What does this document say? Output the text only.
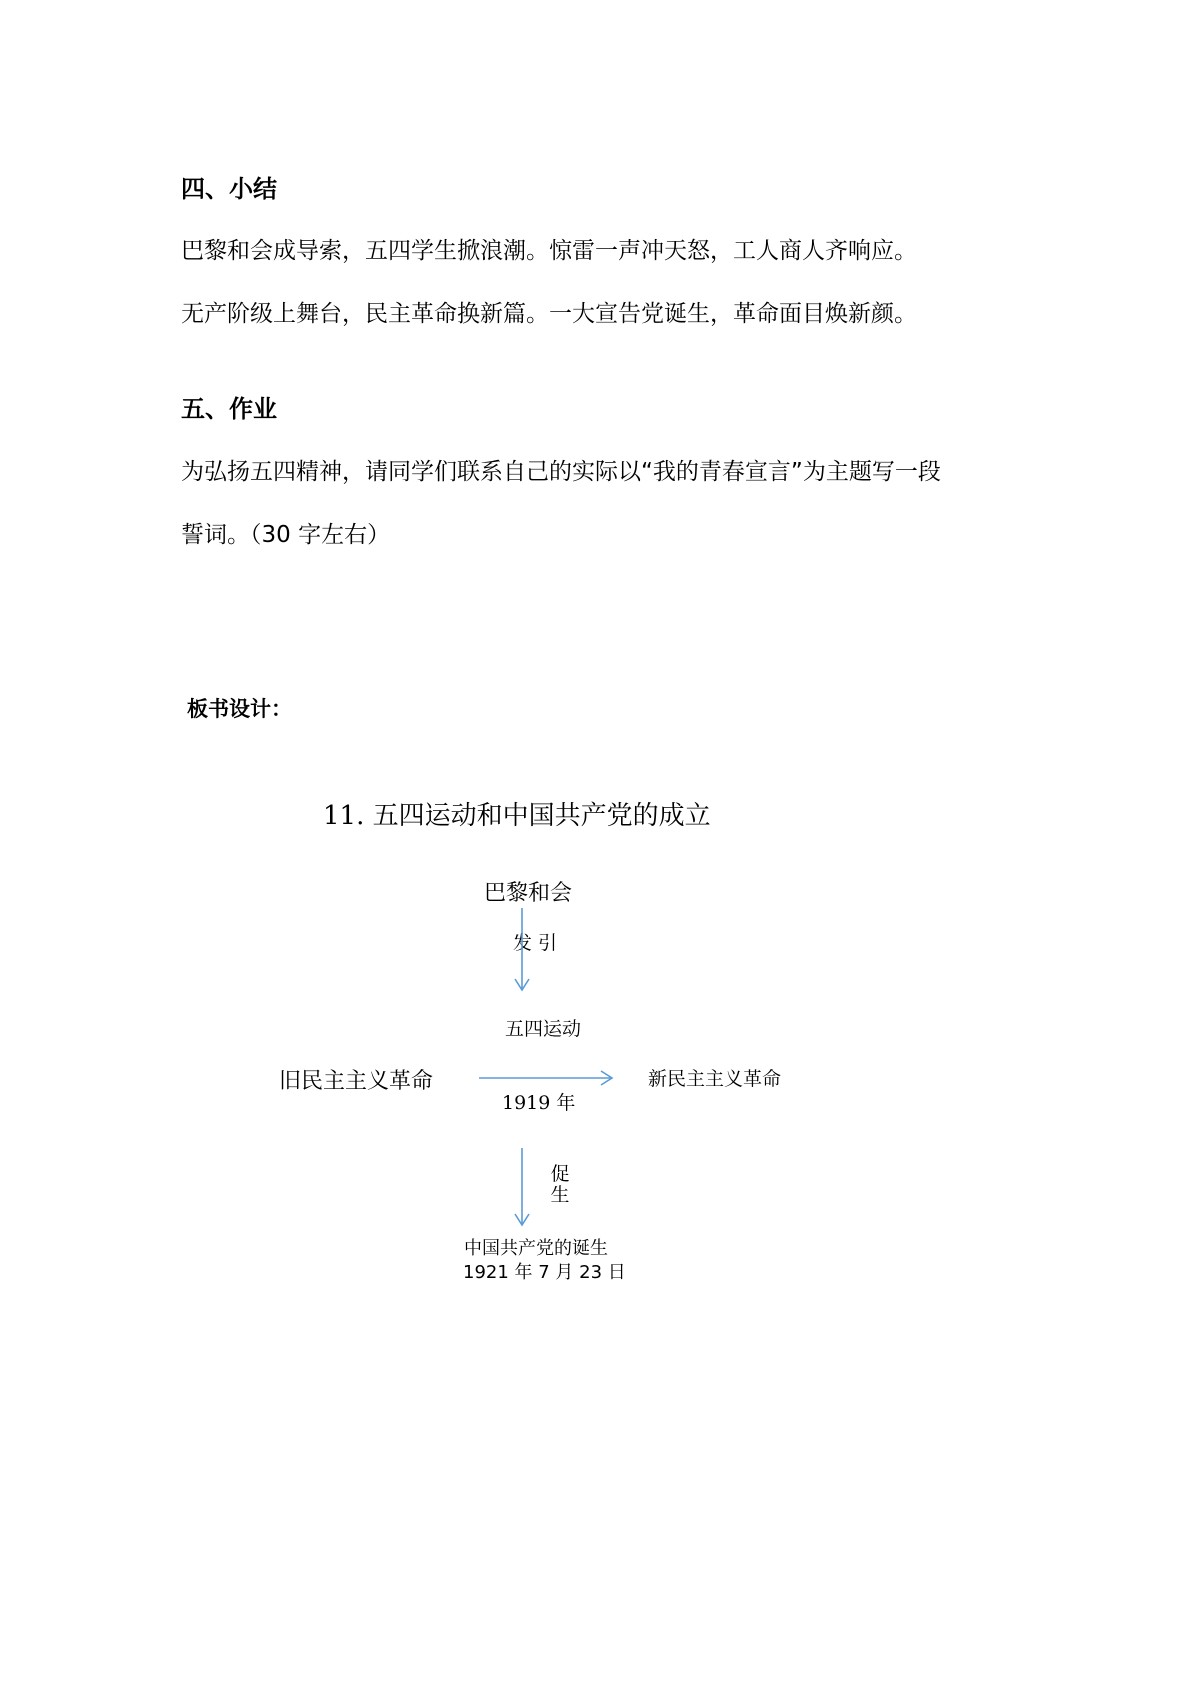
四、小结
巴黎和会成导索，五四学生掀浪潮。惊雷一声冲天怒，工人商人齐响应。
无产阶级上舞台，民主革命换新篇。一大宣告党诞生，革命面目焕新颜。
五、作业
为弘扬五四精神，请同学们联系自己的实际以“我的青春宣言”为主题写一段
誓词。（30 字左右）
板书设计：
11. 五四运动和中国共产党的成立
巴黎和会
发 引
五四运动
旧民主主义革命
1919 年
新民主主义革命
促生
中国共产党的诞生
1921 年 7 月 23 日
